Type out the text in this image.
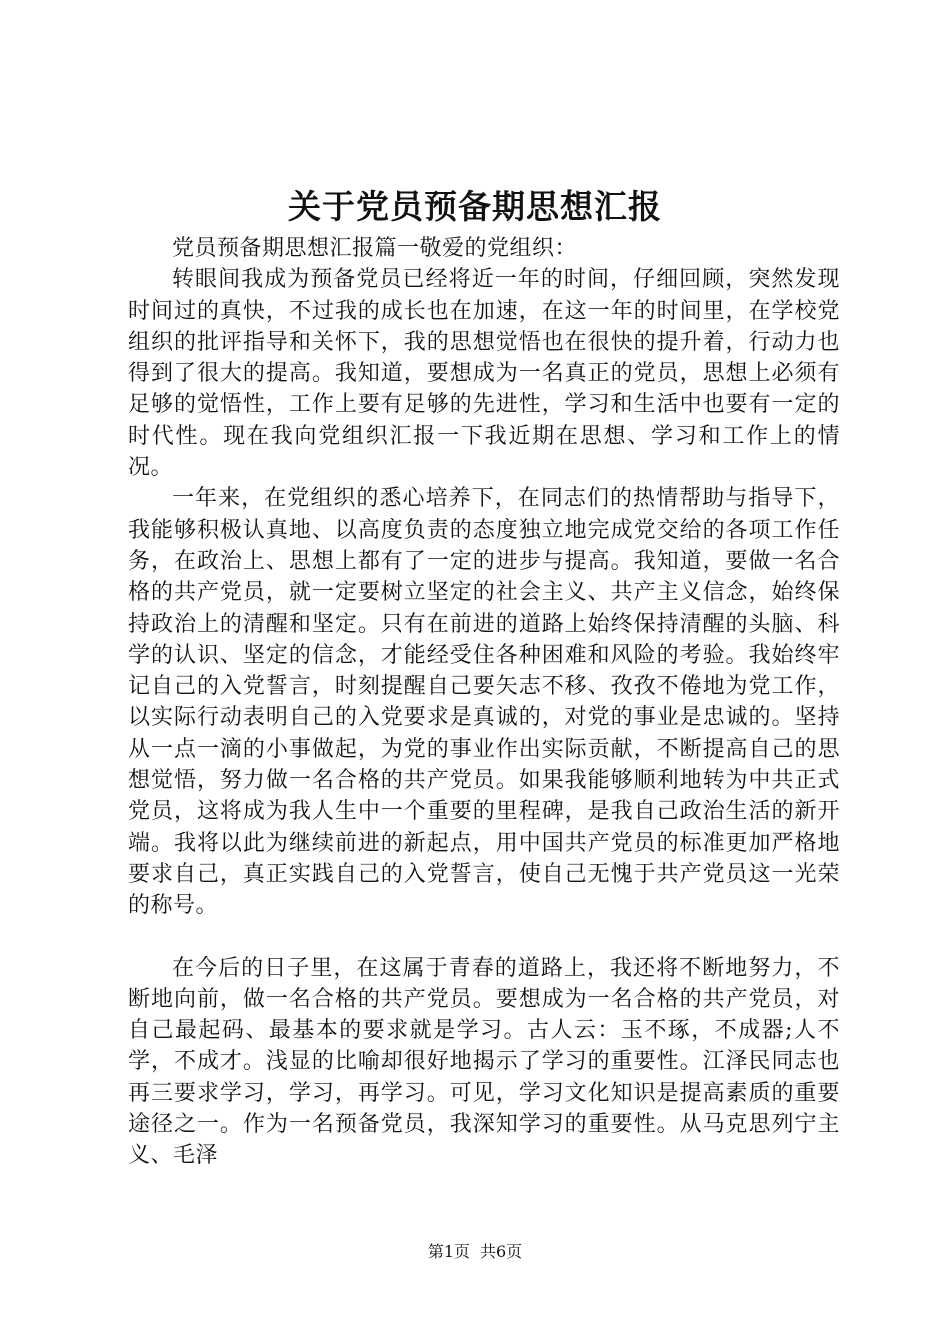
关于党员预备期思想汇报

党员预备期思想汇报篇一敬爱的党组织：

转眼间我成为预备党员已经将近一年的时间，仔细回顾，突然发现时间过的真快，不过我的成长也在加速，在这一年的时间里，在学校党组织的批评指导和关怀下，我的思想觉悟也在很快的提升着，行动力也得到了很大的提高。我知道，要想成为一名真正的党员，思想上必须有足够的觉悟性，工作上要有足够的先进性，学习和生活中也要有一定的时代性。现在我向党组织汇报一下我近期在思想、学习和工作上的情况。

一年来，在党组织的悉心培养下，在同志们的热情帮助与指导下，我能够积极认真地、以高度负责的态度独立地完成党交给的各项工作任务，在政治上、思想上都有了一定的进步与提高。我知道，要做一名合格的共产党员，就一定要树立坚定的社会主义、共产主义信念，始终保持政治上的清醒和坚定。只有在前进的道路上始终保持清醒的头脑、科学的认识、坚定的信念，才能经受住各种困难和风险的考验。我始终牢记自己的入党誓言，时刻提醒自己要矢志不移、孜孜不倦地为党工作，以实际行动表明自己的入党要求是真诚的，对党的事业是忠诚的。坚持从一点一滴的小事做起，为党的事业作出实际贡献，不断提高自己的思想觉悟，努力做一名合格的共产党员。如果我能够顺利地转为中共正式党员，这将成为我人生中一个重要的里程碑，是我自己政治生活的新开端。我将以此为继续前进的新起点，用中国共产党员的标准更加严格地要求自己，真正实践自己的入党誓言，使自己无愧于共产党员这一光荣的称号。

在今后的日子里，在这属于青春的道路上，我还将不断地努力，不断地向前，做一名合格的共产党员。要想成为一名合格的共产党员，对自己最起码、最基本的要求就是学习。古人云：玉不琢，不成器;人不学，不成才。浅显的比喻却很好地揭示了学习的重要性。江泽民同志也再三要求学习，学习，再学习。可见，学习文化知识是提高素质的重要途径之一。作为一名预备党员，我深知学习的重要性。从马克思列宁主义、毛泽

第1页 共6页
